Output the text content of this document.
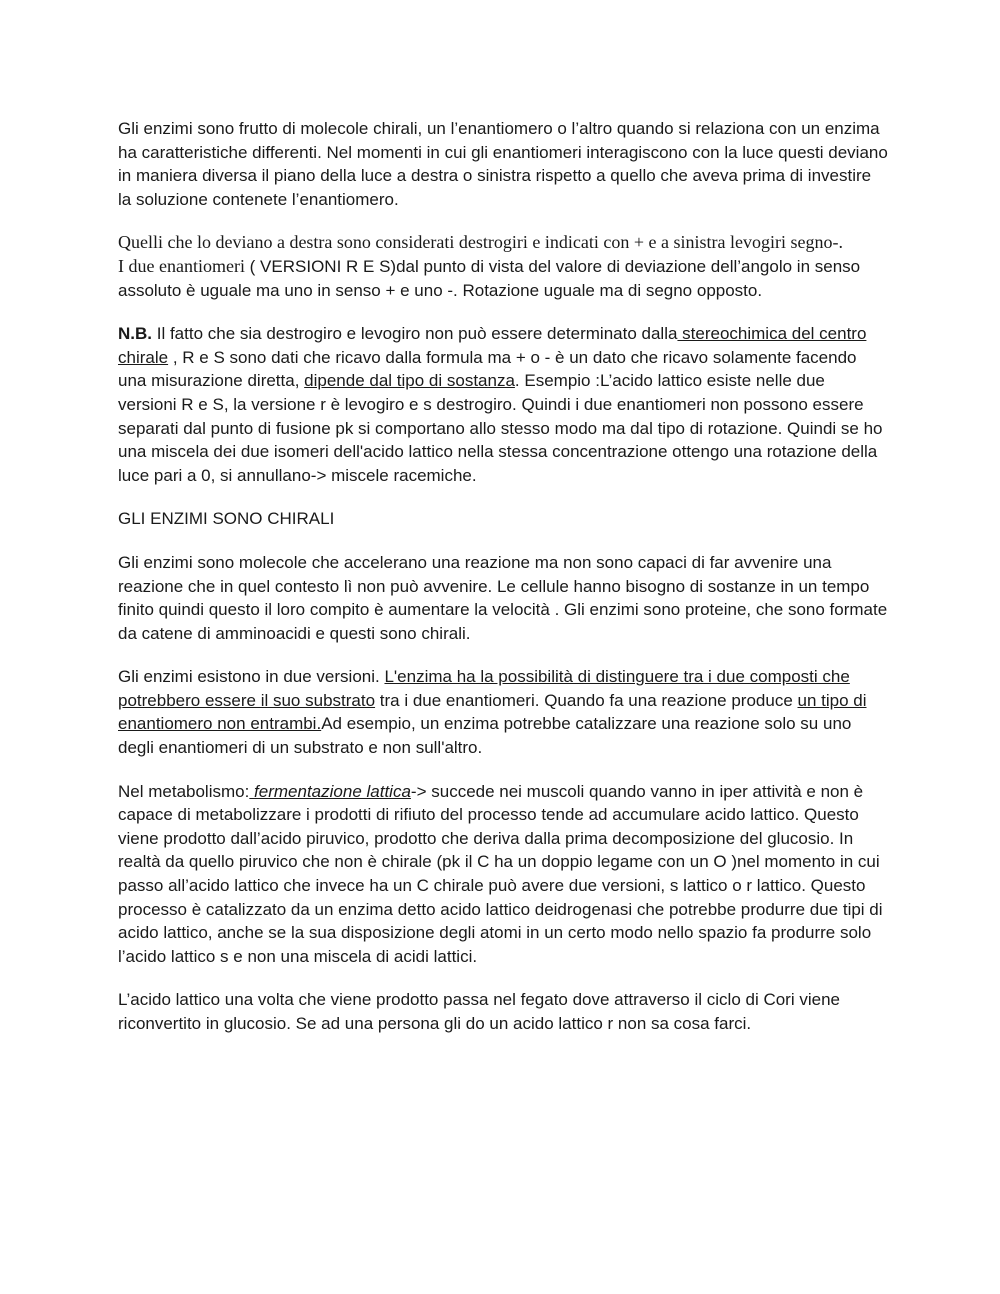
Gli enzimi sono frutto di molecole chirali, un l’enantiomero o l’altro quando si relaziona con un enzima ha caratteristiche differenti. Nel momenti in cui gli enantiomeri interagiscono con la luce questi deviano in maniera diversa il piano della luce a destra o sinistra rispetto a quello che aveva prima di investire la soluzione contenete l’enantiomero.

Quelli che lo deviano a destra sono considerati destrogiri e indicati con + e a sinistra levogiri segno-.
I due enantiomeri ( VERSIONI R E S)dal punto di vista del valore di deviazione dell’angolo in senso assoluto è uguale ma uno in senso + e uno -. Rotazione uguale ma di segno opposto.

N.B. Il fatto che sia destrogiro e levogiro non può essere determinato dalla stereochimica del centro chirale , R e S sono dati che ricavo dalla formula ma + o - è un dato che ricavo solamente facendo una misurazione diretta, dipende dal tipo di sostanza. Esempio :L’acido lattico esiste nelle due versioni R e S, la versione r è levogiro e s destrogiro. Quindi i due enantiomeri non possono essere separati dal punto di fusione pk si comportano allo stesso modo ma dal tipo di rotazione. Quindi se ho una miscela dei due isomeri dell'acido lattico nella stessa concentrazione ottengo una rotazione della luce pari a 0, si annullano-> miscele racemiche.

GLI ENZIMI SONO CHIRALI

Gli enzimi sono molecole che accelerano una reazione ma non sono capaci di far avvenire una reazione che in quel contesto lì non può avvenire. Le cellule hanno bisogno di sostanze in un tempo finito quindi questo il loro compito è aumentare la velocità . Gli enzimi sono proteine, che sono formate da catene di amminoacidi e questi sono chirali.

Gli enzimi esistono in due versioni. L'enzima ha la possibilità di distinguere tra i due composti che potrebbero essere il suo substrato tra i due enantiomeri. Quando fa una reazione produce un tipo di enantiomero non entrambi.Ad esempio, un enzima potrebbe catalizzare una reazione solo su uno degli enantiomeri di un substrato e non sull'altro.

Nel metabolismo: fermentazione lattica-> succede nei muscoli quando vanno in iper attività e non è capace di metabolizzare i prodotti di rifiuto del processo tende ad accumulare acido lattico. Questo viene prodotto dall’acido piruvico, prodotto che deriva dalla prima decomposizione del glucosio. In realtà da quello piruvico che non è chirale (pk il C ha un doppio legame con un O )nel momento in cui passo all’acido lattico che invece ha un C chirale può avere due versioni, s lattico o r lattico. Questo processo è catalizzato da un enzima detto acido lattico deidrogenasi che potrebbe produrre due tipi di acido lattico, anche se la sua disposizione degli atomi in un certo modo nello spazio fa produrre solo l’acido lattico s e non una miscela di acidi lattici.

L’acido lattico una volta che viene prodotto passa nel fegato dove attraverso il ciclo di Cori viene riconvertito in glucosio. Se ad una persona gli do un acido lattico r non sa cosa farci.
